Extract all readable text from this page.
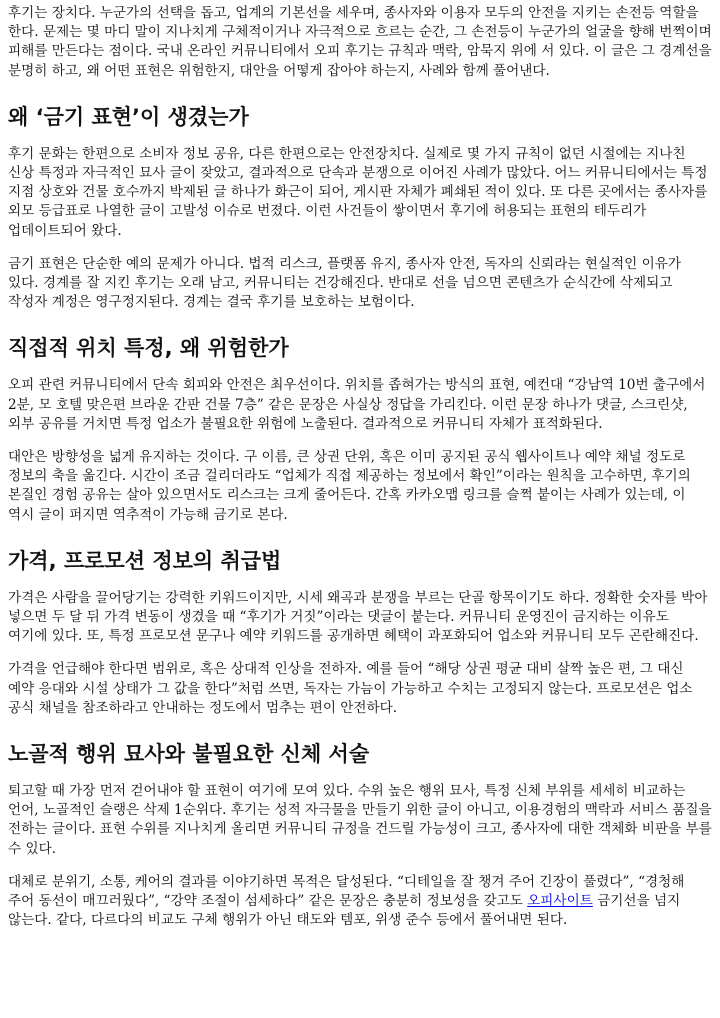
후기는 장치다. 누군가의 선택을 돕고, 업계의 기본선을 세우며, 종사자와 이용자 모두의 안전을 지키는 손전등 역할을 한다. 문제는 몇 마디 말이 지나치게 구체적이거나 자극적으로 흐르는 순간, 그 손전등이 누군가의 얼굴을 향해 번쩍이며 피해를 만든다는 점이다. 국내 온라인 커뮤니티에서 오피 후기는 규칙과 맥락, 암묵지 위에 서 있다. 이 글은 그 경계선을 분명히 하고, 왜 어떤 표현은 위험한지, 대안을 어떻게 잡아야 하는지, 사례와 함께 풀어낸다.

왜 ‘금기 표현’이 생겼는가

후기 문화는 한편으로 소비자 정보 공유, 다른 한편으로는 안전장치다. 실제로 몇 가지 규칙이 없던 시절에는 지나친 신상 특정과 자극적인 묘사 글이 잦았고, 결과적으로 단속과 분쟁으로 이어진 사례가 많았다. 어느 커뮤니티에서는 특정 지점 상호와 건물 호수까지 박제된 글 하나가 화근이 되어, 게시판 자체가 폐쇄된 적이 있다. 또 다른 곳에서는 종사자를 외모 등급표로 나열한 글이 고발성 이슈로 번졌다. 이런 사건들이 쌓이면서 후기에 허용되는 표현의 테두리가 업데이트되어 왔다.

금기 표현은 단순한 예의 문제가 아니다. 법적 리스크, 플랫폼 유지, 종사자 안전, 독자의 신뢰라는 현실적인 이유가 있다. 경계를 잘 지킨 후기는 오래 남고, 커뮤니티는 건강해진다. 반대로 선을 넘으면 콘텐츠가 순식간에 삭제되고 작성자 계정은 영구정지된다. 경계는 결국 후기를 보호하는 보험이다.

직접적 위치 특정, 왜 위험한가

오피 관련 커뮤니티에서 단속 회피와 안전은 최우선이다. 위치를 좁혀가는 방식의 표현, 예컨대 “강남역 10번 출구에서 2분, 모 호텔 맞은편 브라운 간판 건물 7층” 같은 문장은 사실상 정답을 가리킨다. 이런 문장 하나가 댓글, 스크린샷, 외부 공유를 거치면 특정 업소가 불필요한 위험에 노출된다. 결과적으로 커뮤니티 자체가 표적화된다.

대안은 방향성을 넓게 유지하는 것이다. 구 이름, 큰 상권 단위, 혹은 이미 공지된 공식 웹사이트나 예약 채널 정도로 정보의 축을 옮긴다. 시간이 조금 걸리더라도 “업체가 직접 제공하는 정보에서 확인”이라는 원칙을 고수하면, 후기의 본질인 경험 공유는 살아 있으면서도 리스크는 크게 줄어든다. 간혹 카카오맵 링크를 슬쩍 붙이는 사례가 있는데, 이 역시 글이 퍼지면 역추적이 가능해 금기로 본다.

가격, 프로모션 정보의 취급법

가격은 사람을 끌어당기는 강력한 키워드이지만, 시세 왜곡과 분쟁을 부르는 단골 항목이기도 하다. 정확한 숫자를 박아 넣으면 두 달 뒤 가격 변동이 생겼을 때 “후기가 거짓”이라는 댓글이 붙는다. 커뮤니티 운영진이 금지하는 이유도 여기에 있다. 또, 특정 프로모션 문구나 예약 키워드를 공개하면 혜택이 과포화되어 업소와 커뮤니티 모두 곤란해진다.

가격을 언급해야 한다면 범위로, 혹은 상대적 인상을 전하자. 예를 들어 “해당 상권 평균 대비 살짝 높은 편, 그 대신 예약 응대와 시설 상태가 그 값을 한다”처럼 쓰면, 독자는 가늠이 가능하고 수치는 고정되지 않는다. 프로모션은 업소 공식 채널을 참조하라고 안내하는 정도에서 멈추는 편이 안전하다.

노골적 행위 묘사와 불필요한 신체 서술

퇴고할 때 가장 먼저 걷어내야 할 표현이 여기에 모여 있다. 수위 높은 행위 묘사, 특정 신체 부위를 세세히 비교하는 언어, 노골적인 슬랭은 삭제 1순위다. 후기는 성적 자극물을 만들기 위한 글이 아니고, 이용경험의 맥락과 서비스 품질을 전하는 글이다. 표현 수위를 지나치게 올리면 커뮤니티 규정을 건드릴 가능성이 크고, 종사자에 대한 객체화 비판을 부를 수 있다.

대체로 분위기, 소통, 케어의 결과를 이야기하면 목적은 달성된다. “디테일을 잘 챙겨 주어 긴장이 풀렸다”, “경청해 주어 동선이 매끄러웠다”, “강약 조절이 섬세하다” 같은 문장은 충분히 정보성을 갖고도 오피사이트 금기선을 넘지 않는다. 같다, 다르다의 비교도 구체 행위가 아닌 태도와 템포, 위생 준수 등에서 풀어내면 된다.
